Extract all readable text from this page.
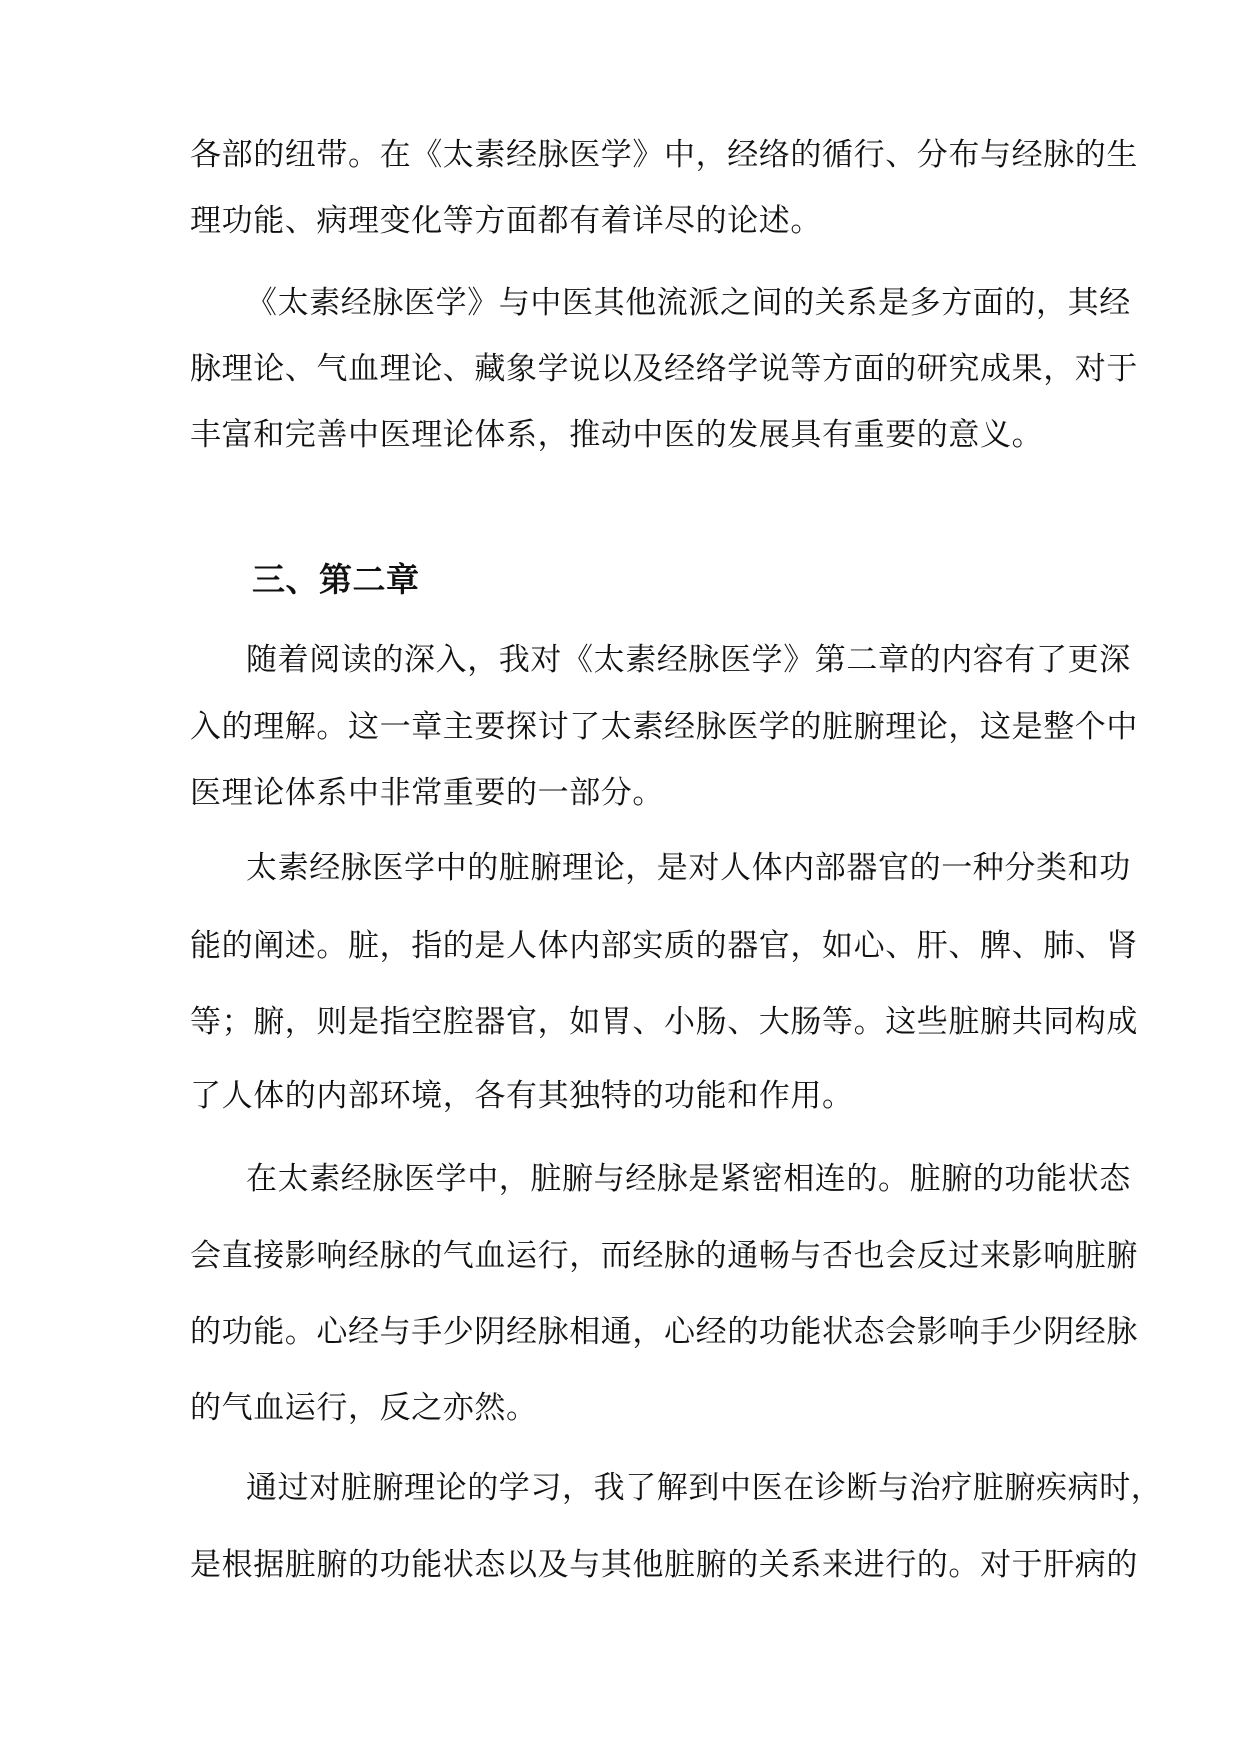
各部的纽带。在《太素经脉医学》中，经络的循行、分布与经脉的生
理功能、病理变化等方面都有着详尽的论述。
《太素经脉医学》与中医其他流派之间的关系是多方面的，其经
脉理论、气血理论、藏象学说以及经络学说等方面的研究成果，对于
丰富和完善中医理论体系，推动中医的发展具有重要的意义。
三、第二章
随着阅读的深入，我对《太素经脉医学》第二章的内容有了更深
入的理解。这一章主要探讨了太素经脉医学的脏腑理论，这是整个中
医理论体系中非常重要的一部分。
太素经脉医学中的脏腑理论，是对人体内部器官的一种分类和功
能的阐述。脏，指的是人体内部实质的器官，如心、肝、脾、肺、肾
等；腑，则是指空腔器官，如胃、小肠、大肠等。这些脏腑共同构成
了人体的内部环境，各有其独特的功能和作用。
在太素经脉医学中，脏腑与经脉是紧密相连的。脏腑的功能状态
会直接影响经脉的气血运行，而经脉的通畅与否也会反过来影响脏腑
的功能。心经与手少阴经脉相通，心经的功能状态会影响手少阴经脉
的气血运行，反之亦然。
通过对脏腑理论的学习，我了解到中医在诊断与治疗脏腑疾病时，
是根据脏腑的功能状态以及与其他脏腑的关系来进行的。对于肝病的
